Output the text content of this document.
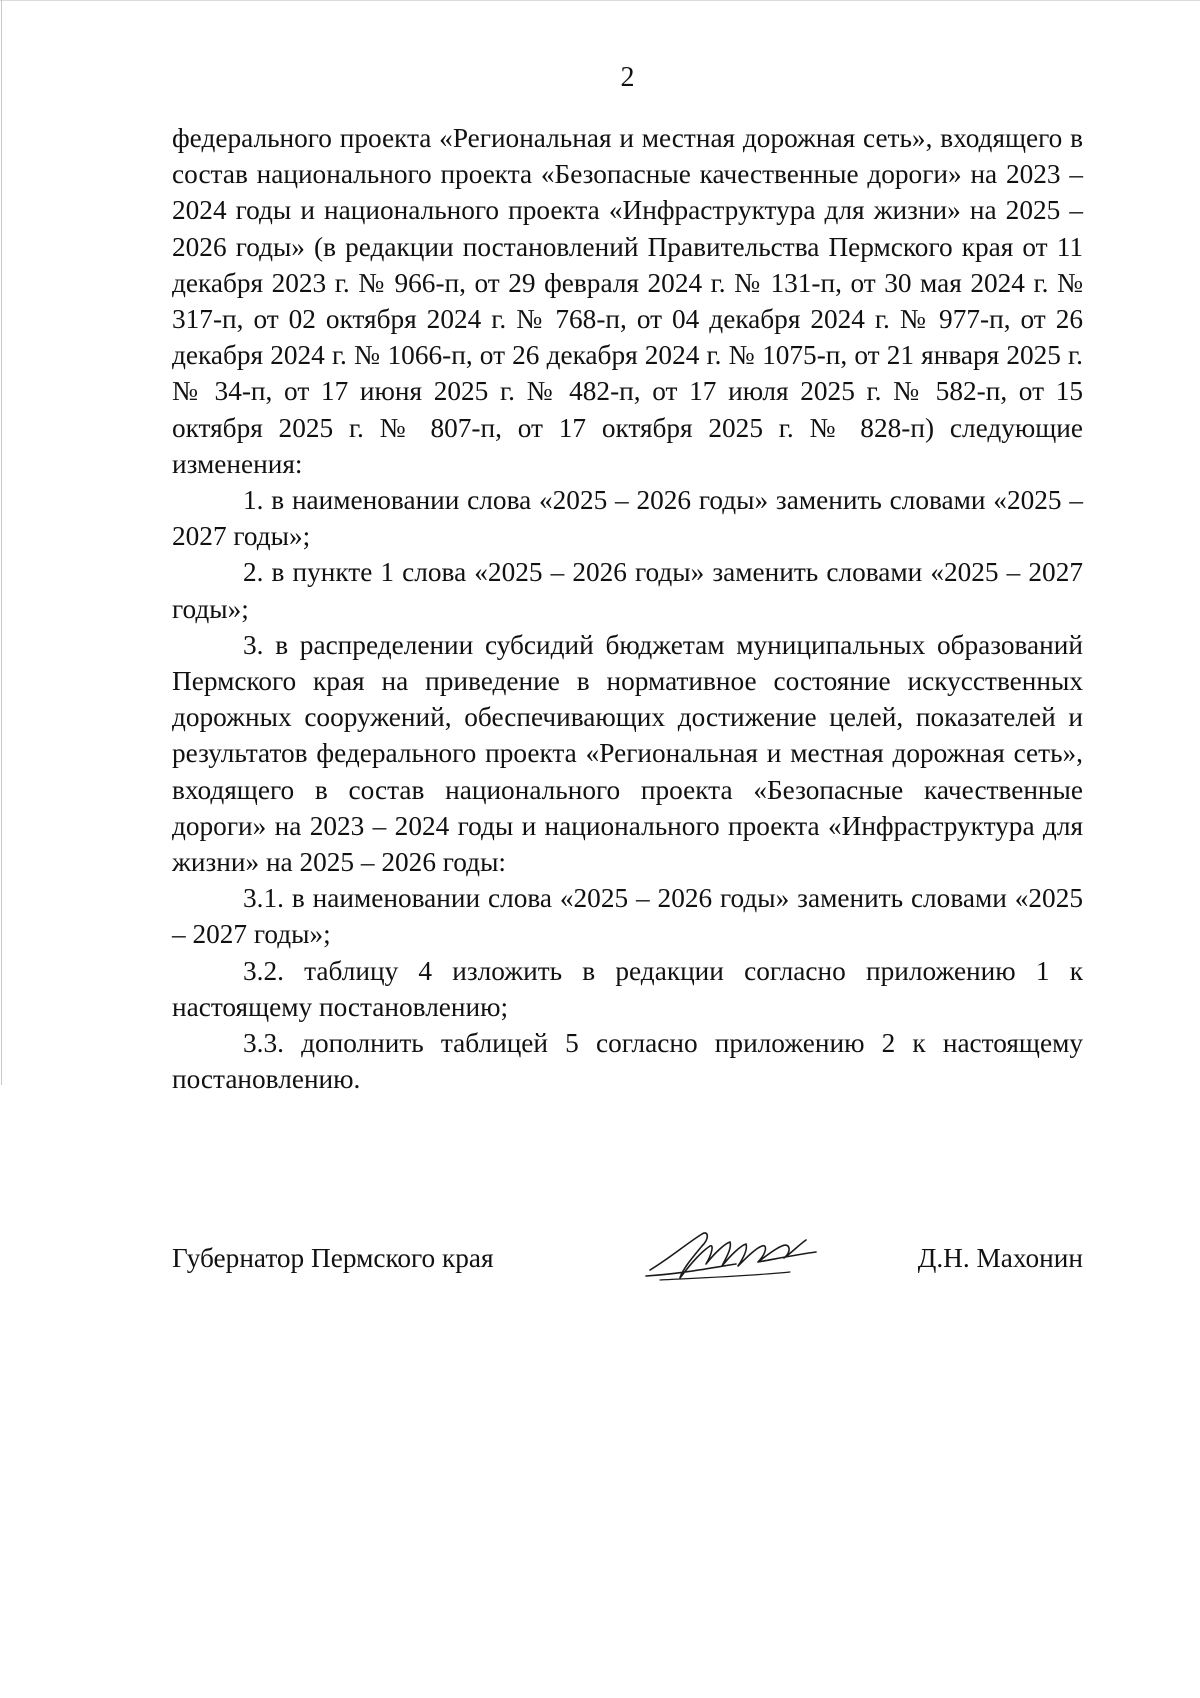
2

федерального проекта «Региональная и местная дорожная сеть», входящего в состав национального проекта «Безопасные качественные дороги» на 2023 – 2024 годы и национального проекта «Инфраструктура для жизни» на 2025 – 2026 годы» (в редакции постановлений Правительства Пермского края от 11 декабря 2023 г. № 966-п, от 29 февраля 2024 г. № 131-п, от 30 мая 2024 г. № 317-п, от 02 октября 2024 г. № 768-п, от 04 декабря 2024 г. № 977-п, от 26 декабря 2024 г. № 1066-п, от 26 декабря 2024 г. № 1075-п, от 21 января 2025 г. № 34-п, от 17 июня 2025 г. № 482-п, от 17 июля 2025 г. № 582-п, от 15 октября 2025 г. № 807-п, от 17 октября 2025 г. № 828-п) следующие изменения:

1. в наименовании слова «2025 – 2026 годы» заменить словами «2025 – 2027 годы»;

2. в пункте 1 слова «2025 – 2026 годы» заменить словами «2025 – 2027 годы»;

3. в распределении субсидий бюджетам муниципальных образований Пермского края на приведение в нормативное состояние искусственных дорожных сооружений, обеспечивающих достижение целей, показателей и результатов федерального проекта «Региональная и местная дорожная сеть», входящего в состав национального проекта «Безопасные качественные дороги» на 2023 – 2024 годы и национального проекта «Инфраструктура для жизни» на 2025 – 2026 годы:

3.1. в наименовании слова «2025 – 2026 годы» заменить словами «2025 – 2027 годы»;

3.2. таблицу 4 изложить в редакции согласно приложению 1 к настоящему постановлению;

3.3. дополнить таблицей 5 согласно приложению 2 к настоящему постановлению.

Губернатор Пермского края	Д.Н. Махонин
